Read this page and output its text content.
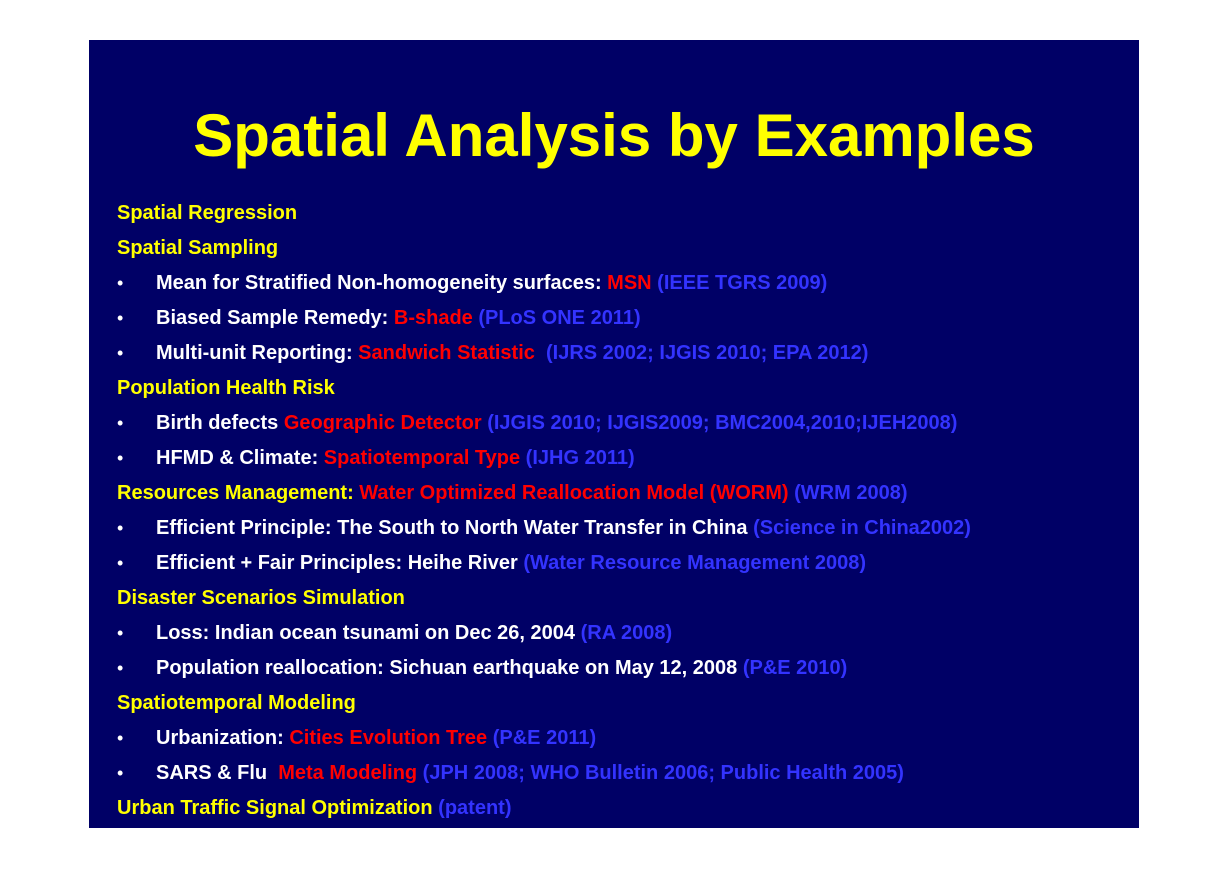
Spatial Analysis by Examples
Spatial Regression
Spatial Sampling
• Mean for Stratified Non-homogeneity surfaces: MSN (IEEE TGRS 2009)
• Biased Sample Remedy: B-shade (PLoS ONE 2011)
• Multi-unit Reporting: Sandwich Statistic  (IJRS 2002; IJGIS 2010; EPA 2012)
Population Health Risk
• Birth defects Geographic Detector (IJGIS 2010; IJGIS2009; BMC2004,2010;IJEH2008)
• HFMD & Climate: Spatiotemporal Type (IJHG 2011)
Resources Management: Water Optimized Reallocation Model (WORM) (WRM 2008)
• Efficient Principle: The South to North Water Transfer in China (Science in China2002)
• Efficient + Fair Principles: Heihe River (Water Resource Management 2008)
Disaster Scenarios Simulation
• Loss: Indian ocean tsunami on Dec 26, 2004 (RA 2008)
• Population reallocation: Sichuan earthquake on May 12, 2008 (P&E 2010)
Spatiotemporal Modeling
• Urbanization: Cities Evolution Tree (P&E 2011)
• SARS & Flu  Meta Modeling (JPH 2008; WHO Bulletin 2006; Public Health 2005)
Urban Traffic Signal Optimization (patent)
